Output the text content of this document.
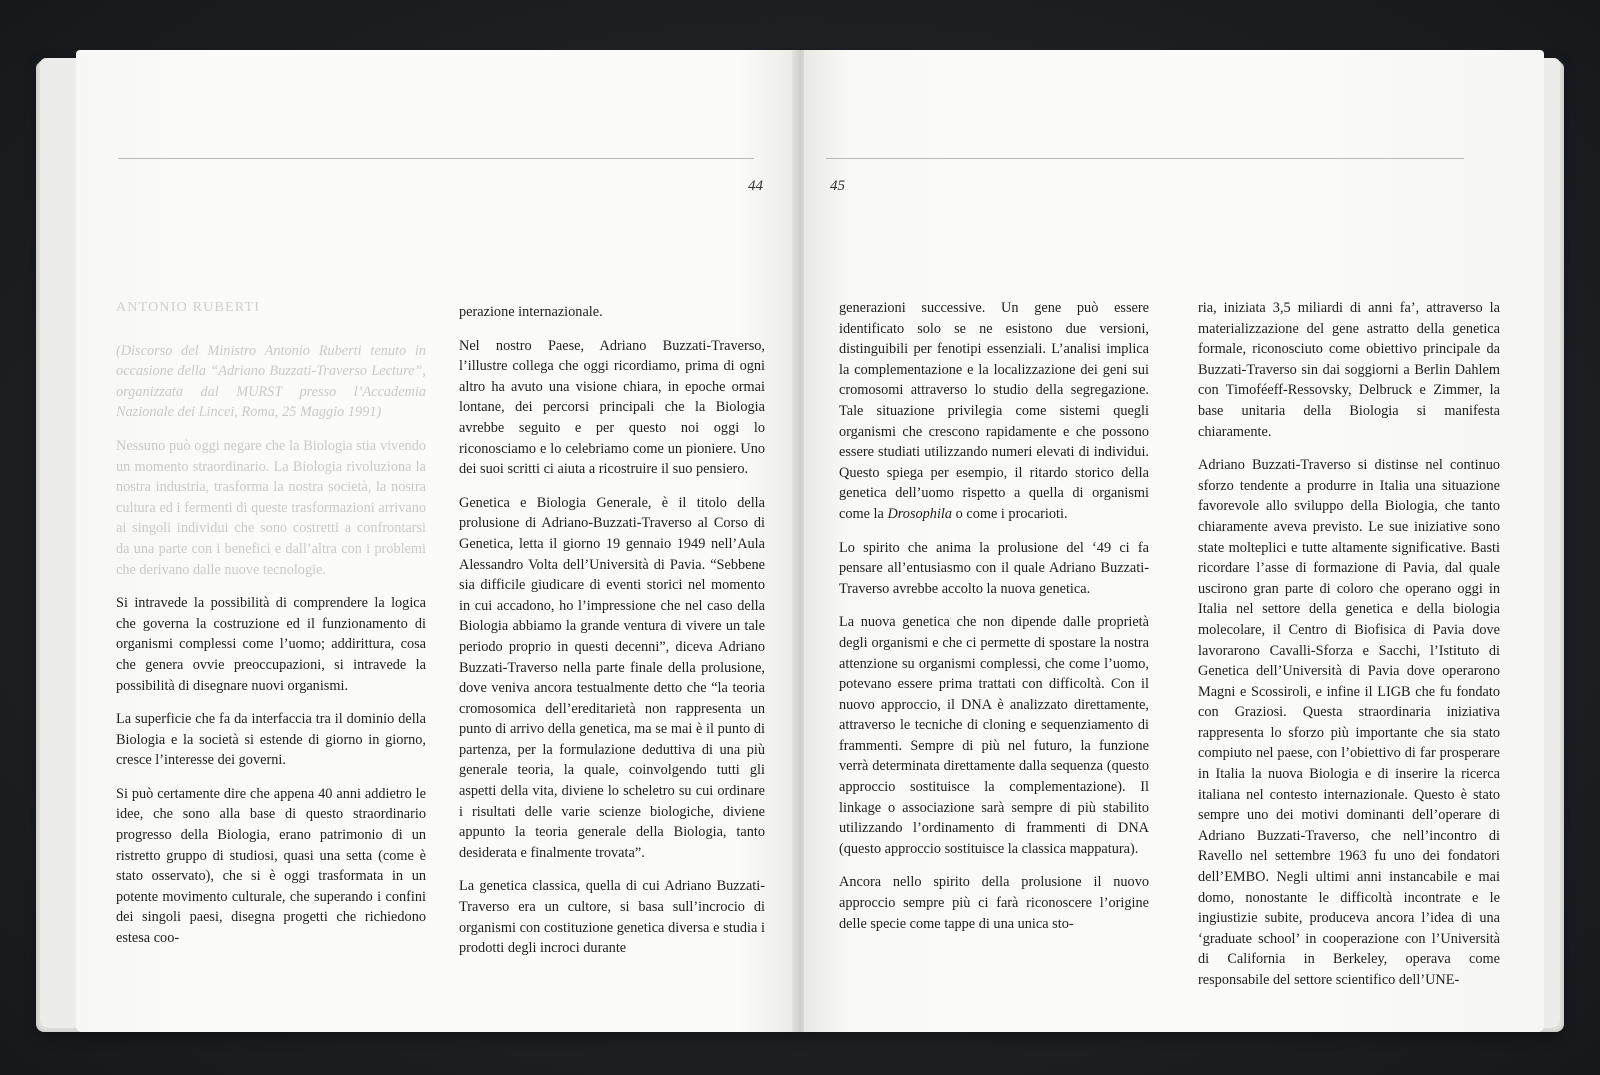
44
ANTONIO RUBERTI

(Discorso del Ministro Antonio Ruberti tenuto in occasione della “Adriano Buzzati-Traverso Lecture”, organizzata dal MURST presso l’Accademia Nazionale dei Lincei, Roma, 25 Maggio 1991)

Nessuno può oggi negare che la Biologia stia vivendo un momento straordinario. La Biologia rivoluziona la nostra industria, trasforma la nostra società, la nostra cultura ed i fermenti di queste trasformazioni arrivano ai singoli individui che sono costretti a confrontarsi da una parte con i benefici e dall’altra con i problemi che derivano dalle nuove tecnologie.

Si intravede la possibilità di comprendere la logica che governa la costruzione ed il funzionamento di organismi complessi come l’uomo; addirittura, cosa che genera ovvie preoccupazioni, si intravede la possibilità di disegnare nuovi organismi.

La superficie che fa da interfaccia tra il dominio della Biologia e la società si estende di giorno in giorno, cresce l’interesse dei governi.

Si può certamente dire che appena 40 anni addietro le idee, che sono alla base di questo straordinario progresso della Biologia, erano patrimonio di un ristretto gruppo di studiosi, quasi una setta (come è stato osservato), che si è oggi trasformata in un potente movimento culturale, che superando i confini dei singoli paesi, disegna progetti che richiedono estesa coo-

perazione internazionale.

Nel nostro Paese, Adriano Buzzati-Traverso, l’illustre collega che oggi ricordiamo, prima di ogni altro ha avuto una visione chiara, in epoche ormai lontane, dei percorsi principali che la Biologia avrebbe seguito e per questo noi oggi lo riconosciamo e lo celebriamo come un pioniere. Uno dei suoi scritti ci aiuta a ricostruire il suo pensiero.

Genetica e Biologia Generale, è il titolo della prolusione di Adriano-Buzzati-Traverso al Corso di Genetica, letta il giorno 19 gennaio 1949 nell’Aula Alessandro Volta dell’Università di Pavia. “Sebbene sia difficile giudicare di eventi storici nel momento in cui accadono, ho l’impressione che nel caso della Biologia abbiamo la grande ventura di vivere un tale periodo proprio in questi decenni”, diceva Adriano Buzzati-Traverso nella parte finale della prolusione, dove veniva ancora testualmente detto che “la teoria cromosomica dell’ereditarietà non rappresenta un punto di arrivo della genetica, ma se mai è il punto di partenza, per la formulazione deduttiva di una più generale teoria, la quale, coinvolgendo tutti gli aspetti della vita, diviene lo scheletro su cui ordinare i risultati delle varie scienze biologiche, diviene appunto la teoria generale della Biologia, tanto desiderata e finalmente trovata”.

La genetica classica, quella di cui Adriano Buzzati-Traverso era un cultore, si basa sull’incrocio di organismi con costituzione genetica diversa e studia i prodotti degli incroci durante

45

generazioni successive. Un gene può essere identificato solo se ne esistono due versioni, distinguibili per fenotipi essenziali. L’analisi implica la complementazione e la localizzazione dei geni sui cromosomi attraverso lo studio della segregazione. Tale situazione privilegia come sistemi quegli organismi che crescono rapidamente e che possono essere studiati utilizzando numeri elevati di individui. Questo spiega per esempio, il ritardo storico della genetica dell’uomo rispetto a quella di organismi come la Drosophila o come i procarioti.

Lo spirito che anima la prolusione del ‘49 ci fa pensare all’entusiasmo con il quale Adriano Buzzati- Traverso avrebbe accolto la nuova genetica.

La nuova genetica che non dipende dalle proprietà degli organismi e che ci permette di spostare la nostra attenzione su organismi complessi, che come l’uomo, potevano essere prima trattati con difficoltà. Con il nuovo approccio, il DNA è analizzato direttamente, attraverso le tecniche di cloning e sequenziamento di frammenti. Sempre di più nel futuro, la funzione verrà determinata direttamente dalla sequenza (questo approccio sostituisce la complementazione). Il linkage o associazione sarà sempre di più stabilito utilizzando l’ordinamento di frammenti di DNA (questo approccio sostituisce la classica mappatura).

Ancora nello spirito della prolusione il nuovo approccio sempre più ci farà riconoscere l’origine delle specie come tappe di una unica sto-

ria, iniziata 3,5 miliardi di anni fa’, attraverso la materializzazione del gene astratto della genetica formale, riconosciuto come obiettivo principale da Buzzati-Traverso sin dai soggiorni a Berlin Dahlem con Timoféeff-Ressovsky, Delbruck e Zimmer, la base unitaria della Biologia si manifesta chiaramente.

Adriano Buzzati-Traverso si distinse nel continuo sforzo tendente a produrre in Italia una situazione favorevole allo sviluppo della Biologia, che tanto chiaramente aveva previsto. Le sue iniziative sono state molteplici e tutte altamente significative. Basti ricordare l’asse di formazione di Pavia, dal quale uscirono gran parte di coloro che operano oggi in Italia nel settore della genetica e della biologia molecolare, il Centro di Biofisica di Pavia dove lavorarono Cavalli-Sforza e Sacchi, l’Istituto di Genetica dell’Università di Pavia dove operarono Magni e Scossiroli, e infine il LIGB che fu fondato con Graziosi. Questa straordinaria iniziativa rappresenta lo sforzo più importante che sia stato compiuto nel paese, con l’obiettivo di far prosperare in Italia la nuova Biologia e di inserire la ricerca italiana nel contesto internazionale. Questo è stato sempre uno dei motivi dominanti dell’operare di Adriano Buzzati-Traverso, che nell’incontro di Ravello nel settembre 1963 fu uno dei fondatori dell’EMBO. Negli ultimi anni instancabile e mai domo, nonostante le difficoltà incontrate e le ingiustizie subite, produceva ancora l’idea di una ‘graduate school’ in cooperazione con l’Università di California in Berkeley, operava come responsabile del settore scientifico dell’UNE-
